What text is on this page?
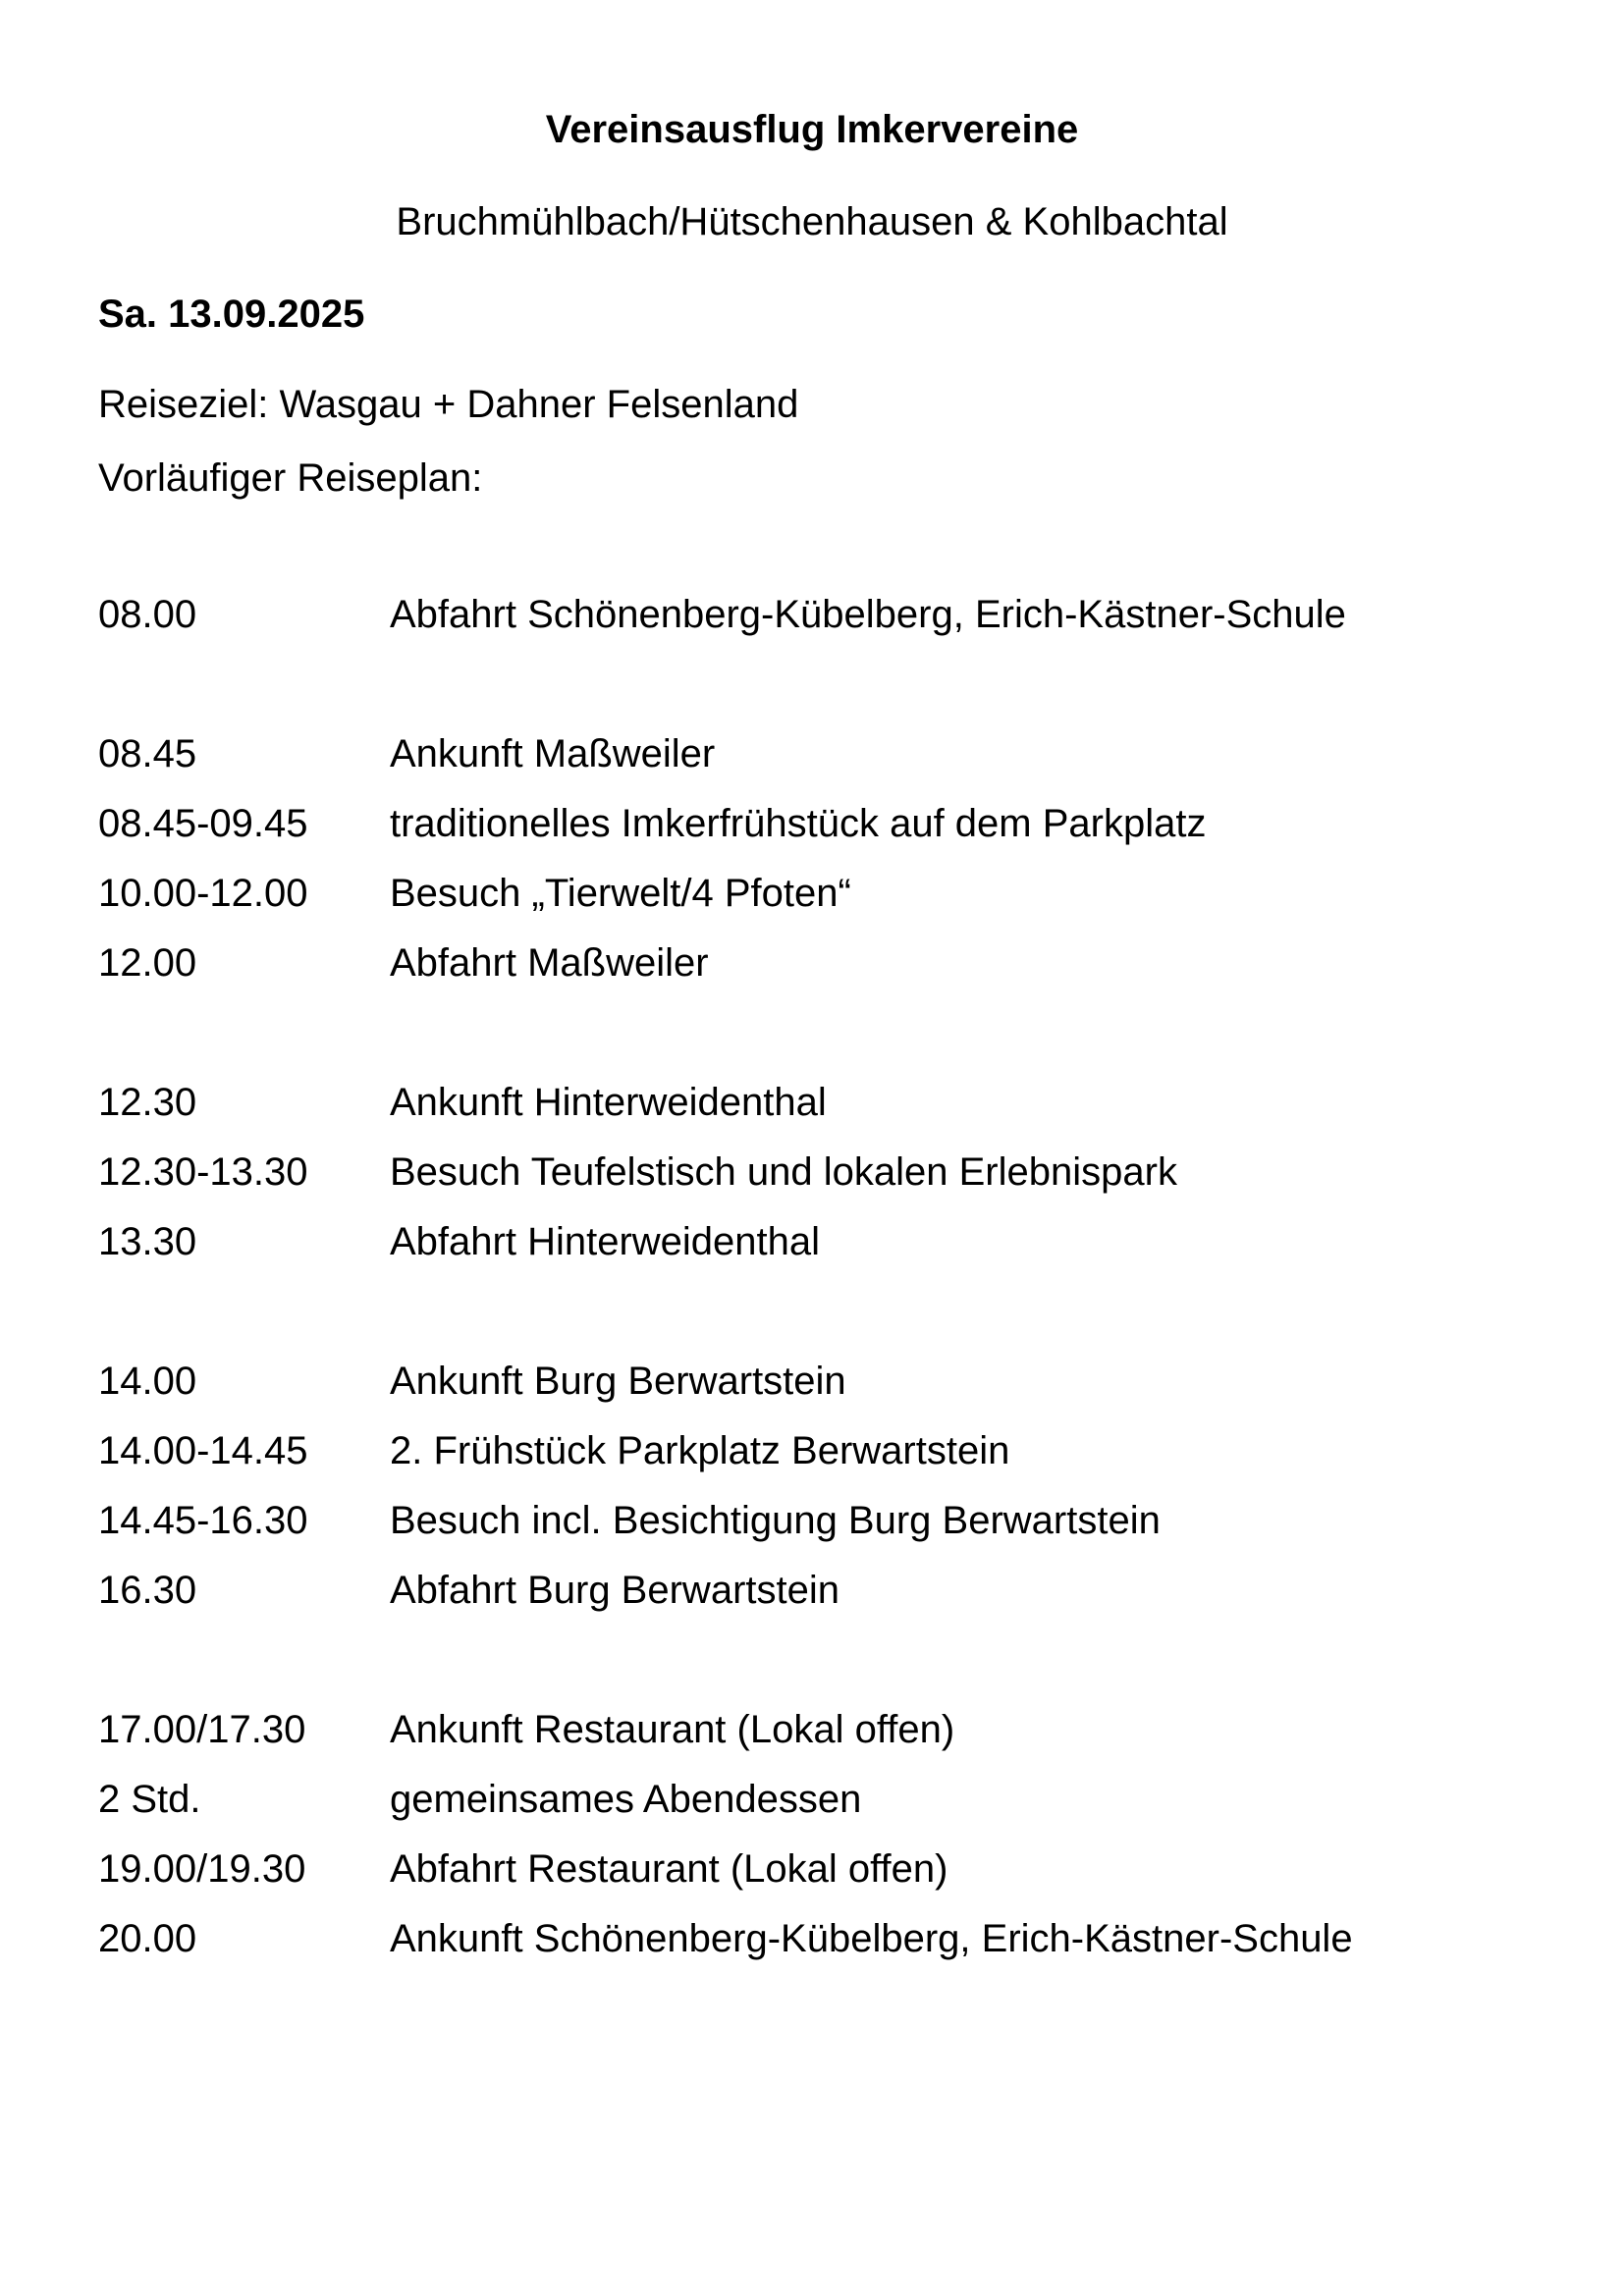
Vereinsausflug Imkervereine
Bruchmühlbach/Hütschenhausen & Kohlbachtal
Sa. 13.09.2025
Reiseziel: Wasgau + Dahner Felsenland
Vorläufiger Reiseplan:
08.00	Abfahrt Schönenberg-Kübelberg, Erich-Kästner-Schule
08.45	Ankunft Maßweiler
08.45-09.45 traditionelles Imkerfrühstück auf dem Parkplatz
10.00-12.00 Besuch „Tierwelt/4 Pfoten“
12.00	Abfahrt Maßweiler
12.30	Ankunft Hinterweidenthal
12.30-13.30 Besuch Teufelstisch und lokalen Erlebnispark
13.30	Abfahrt Hinterweidenthal
14.00	Ankunft Burg Berwartstein
14.00-14.45 2. Frühstück Parkplatz Berwartstein
14.45-16.30 Besuch incl. Besichtigung Burg Berwartstein
16.30	Abfahrt Burg Berwartstein
17.00/17.30 Ankunft Restaurant (Lokal offen)
2 Std.	gemeinsames Abendessen
19.00/19.30 Abfahrt Restaurant (Lokal offen)
20.00	Ankunft Schönenberg-Kübelberg, Erich-Kästner-Schule
